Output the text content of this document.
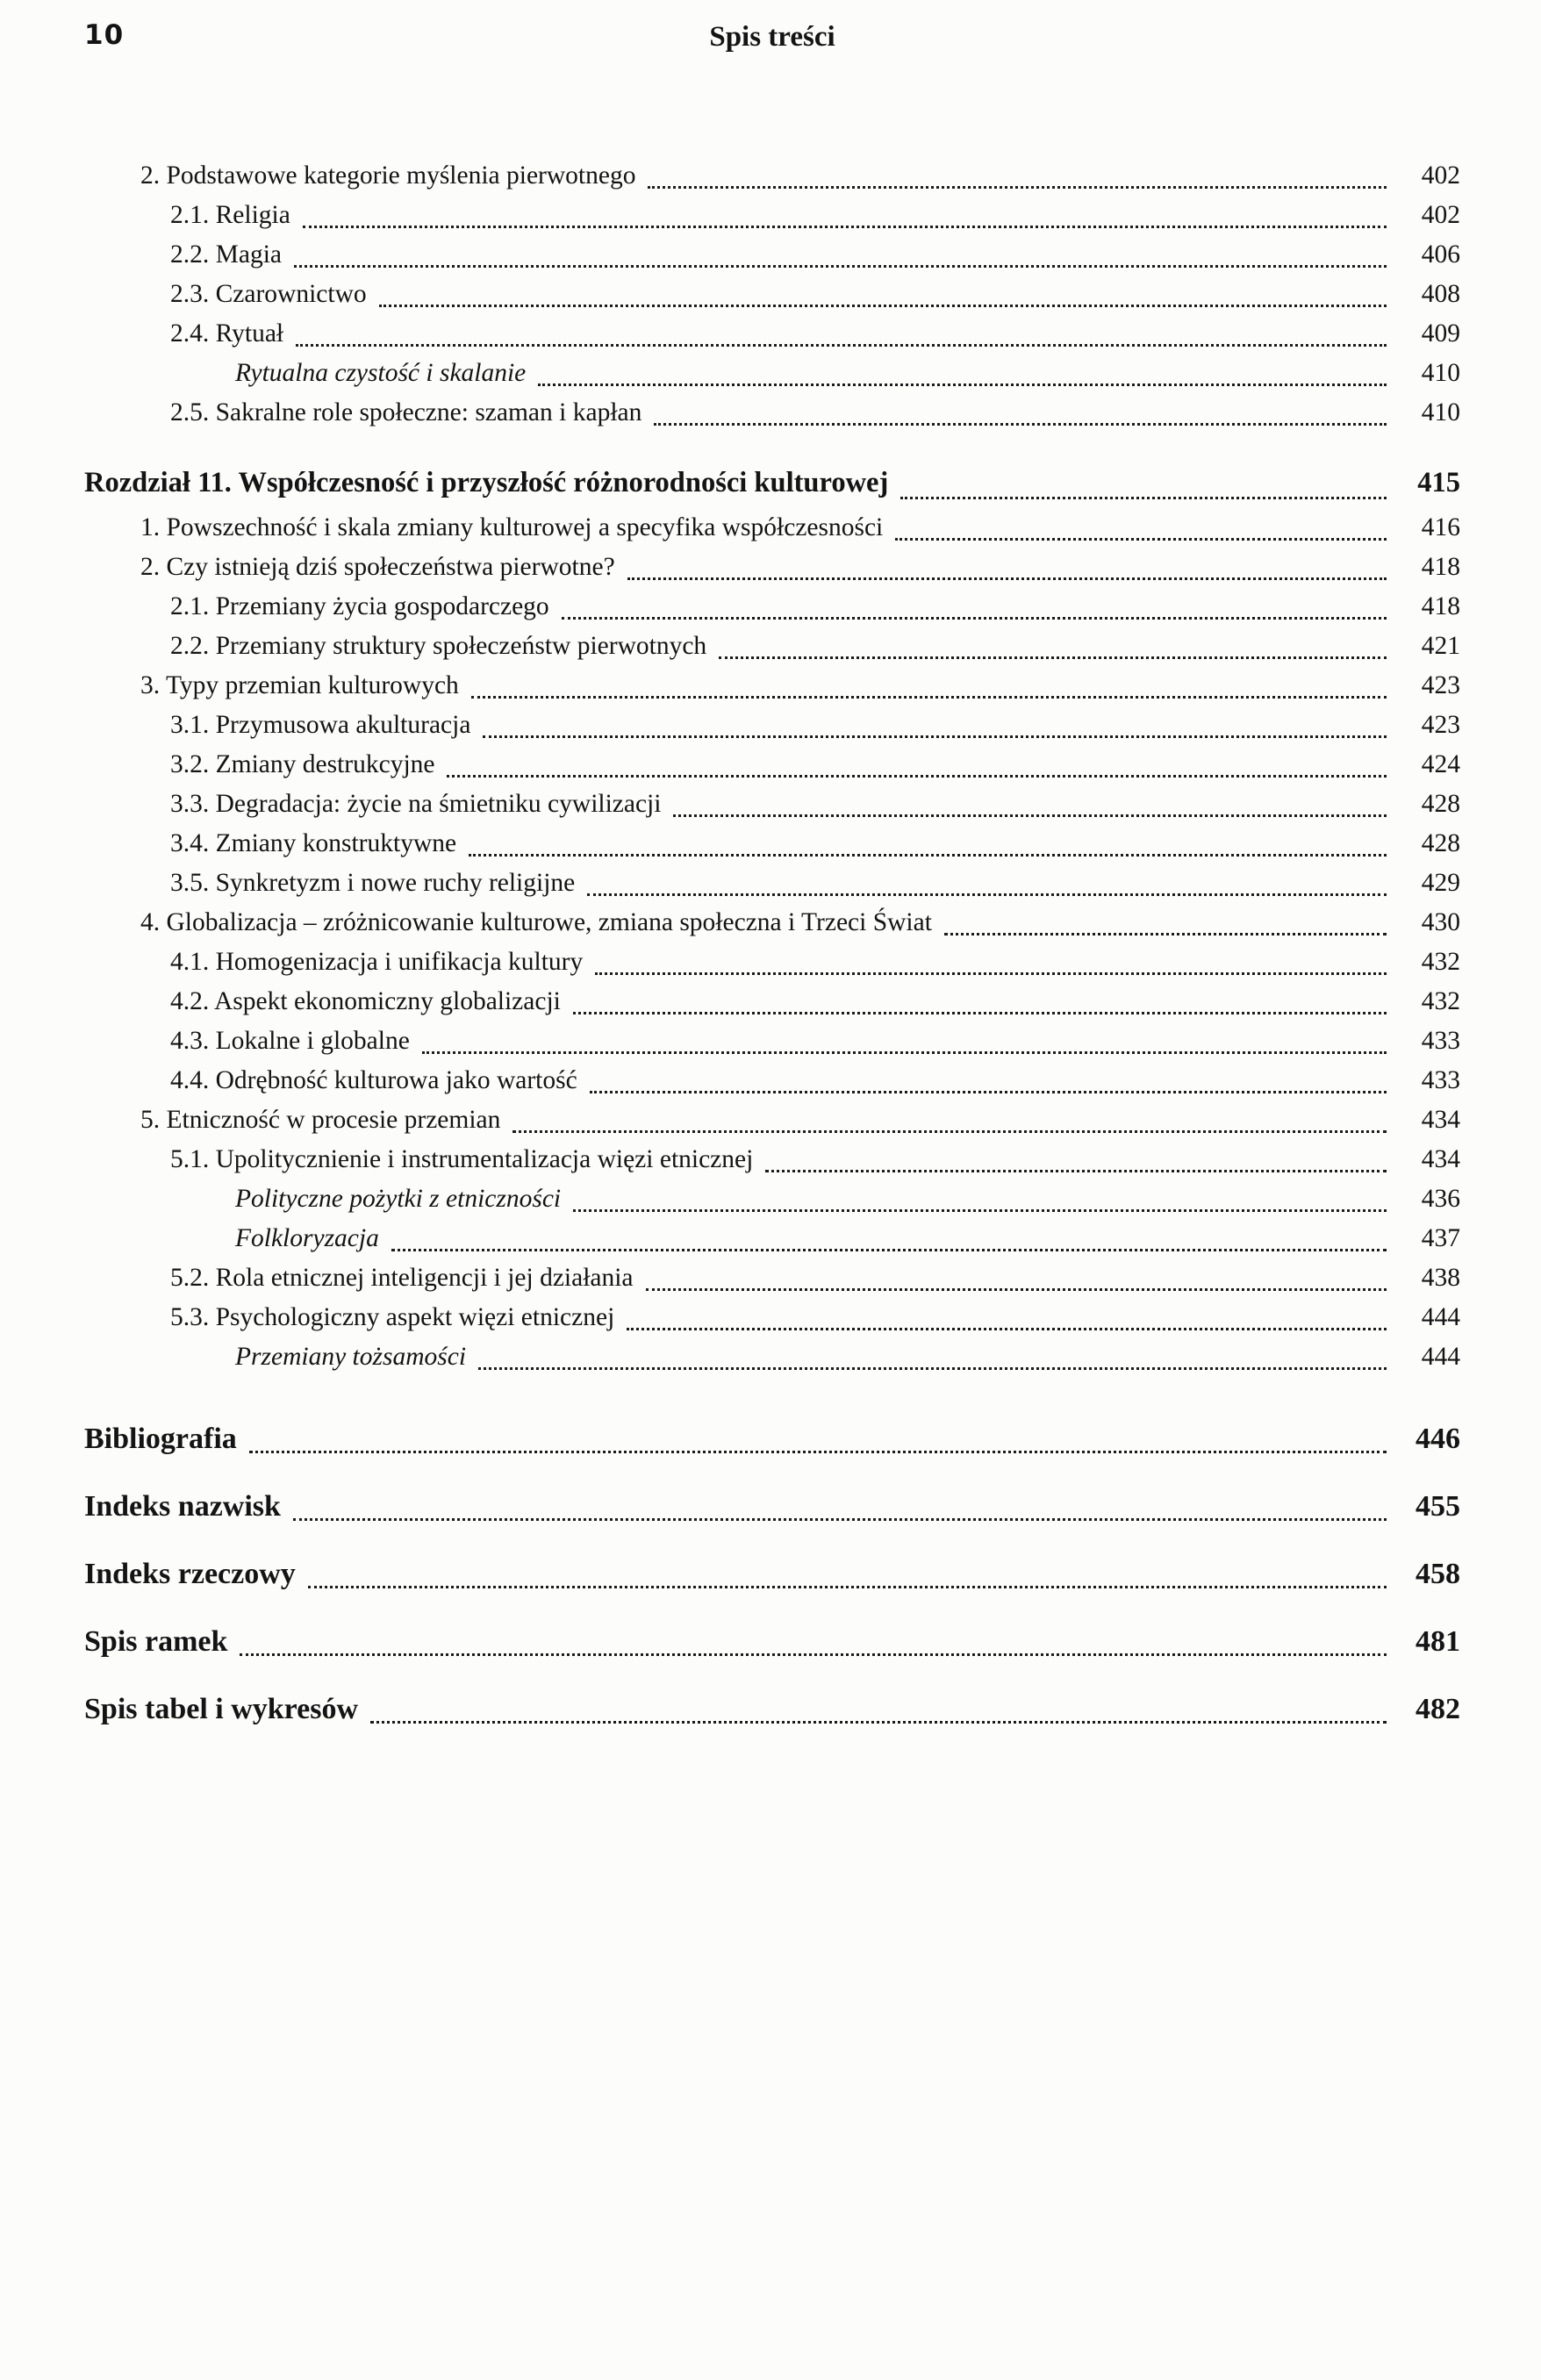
10	Spis treści
2. Podstawowe kategorie myślenia pierwotnego	402
2.1. Religia	402
2.2. Magia	406
2.3. Czarownictwo	408
2.4. Rytuał	409
Rytualna czystość i skalanie	410
2.5. Sakralne role społeczne: szaman i kapłan	410
Rozdział 11. Współczesność i przyszłość różnorodności kulturowej	415
1. Powszechność i skala zmiany kulturowej a specyfika współczesności	416
2. Czy istnieją dziś społeczeństwa pierwotne?	418
2.1. Przemiany życia gospodarczego	418
2.2. Przemiany struktury społeczeństw pierwotnych	421
3. Typy przemian kulturowych	423
3.1. Przymusowa akulturacja	423
3.2. Zmiany destrukcyjne	424
3.3. Degradacja: życie na śmietniku cywilizacji	428
3.4. Zmiany konstruktywne	428
3.5. Synkretyzm i nowe ruchy religijne	429
4. Globalizacja – zróżnicowanie kulturowe, zmiana społeczna i Trzeci Świat	430
4.1. Homogenizacja i unifikacja kultury	432
4.2. Aspekt ekonomiczny globalizacji	432
4.3. Lokalne i globalne	433
4.4. Odrębność kulturowa jako wartość	433
5. Etniczność w procesie przemian	434
5.1. Upolitycznienie i instrumentalizacja więzi etnicznej	434
Polityczne pożytki z etniczności	436
Folkloryzacja	437
5.2. Rola etnicznej inteligencji i jej działania	438
5.3. Psychologiczny aspekt więzi etnicznej	444
Przemiany tożsamości	444
Bibliografia	446
Indeks nazwisk	455
Indeks rzeczowy	458
Spis ramek	481
Spis tabel i wykresów	482
